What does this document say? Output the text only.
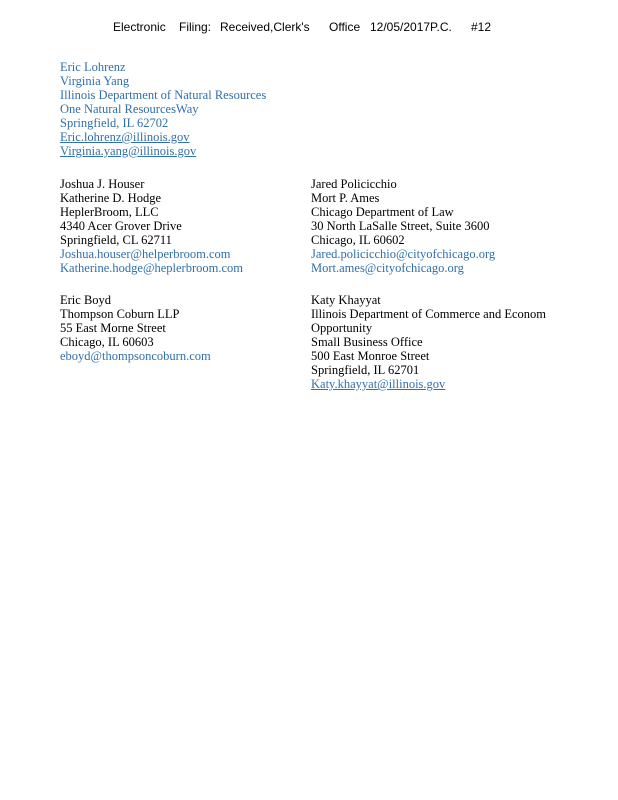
Electronic Filing: Received,Clerk's Office 12/05/2017P.C. #12
Eric Lohrenz
Virginia Yang
Illinois Department of Natural Resources
One Natural ResourcesWay
Springfield, IL 62702
Eric.lohrenz@illinois.gov
Virginia.yang@illinois.gov
Joshua J. Houser
Katherine D. Hodge
HeplerBroom, LLC
4340 Acer Grover Drive
Springfield, CL 62711
Joshua.houser@helperbroom.com
Katherine.hodge@heplerbroom.com
Jared Policicchio
Mort P. Ames
Chicago Department of Law
30 North LaSalle Street, Suite 3600
Chicago, IL 60602
Jared.policicchio@cityofchicago.org
Mort.ames@cityofchicago.org
Eric Boyd
Thompson Coburn LLP
55 East Morne Street
Chicago, IL 60603
eboyd@thompsoncoburn.com
Katy Khayyat
Illinois Department of Commerce and Econom
Opportunity
Small Business Office
500 East Monroe Street
Springfield, IL 62701
Katy.khayyat@illinois.gov
